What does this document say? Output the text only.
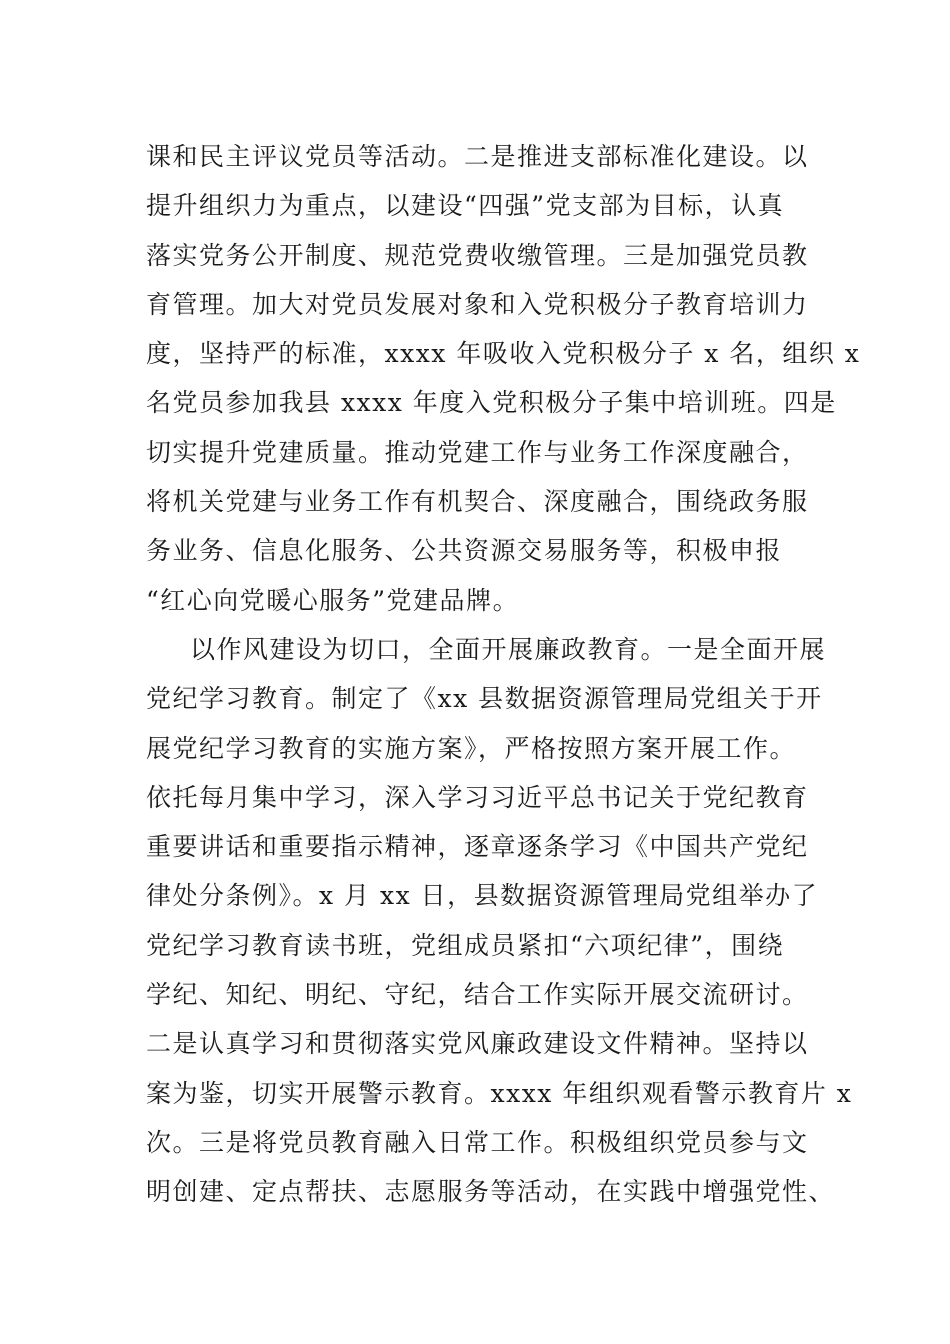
课和民主评议党员等活动。二是推进支部标准化建设。以
提升组织力为重点，以建设“四强”党支部为目标，认真
落实党务公开制度、规范党费收缴管理。三是加强党员教
育管理。加大对党员发展对象和入党积极分子教育培训力
度，坚持严的标准，xxxx 年吸收入党积极分子 x 名，组织 x
名党员参加我县 xxxx 年度入党积极分子集中培训班。四是
切实提升党建质量。推动党建工作与业务工作深度融合，
将机关党建与业务工作有机契合、深度融合，围绕政务服
务业务、信息化服务、公共资源交易服务等，积极申报
“红心向党暖心服务”党建品牌。
以作风建设为切口，全面开展廉政教育。一是全面开展
党纪学习教育。制定了《xx 县数据资源管理局党组关于开
展党纪学习教育的实施方案》，严格按照方案开展工作。
依托每月集中学习，深入学习习近平总书记关于党纪教育
重要讲话和重要指示精神，逐章逐条学习《中国共产党纪
律处分条例》。x 月 xx 日，县数据资源管理局党组举办了
党纪学习教育读书班，党组成员紧扣“六项纪律”，围绕
学纪、知纪、明纪、守纪，结合工作实际开展交流研讨。
二是认真学习和贯彻落实党风廉政建设文件精神。坚持以
案为鉴，切实开展警示教育。xxxx 年组织观看警示教育片 x
次。三是将党员教育融入日常工作。积极组织党员参与文
明创建、定点帮扶、志愿服务等活动，在实践中增强党性、
